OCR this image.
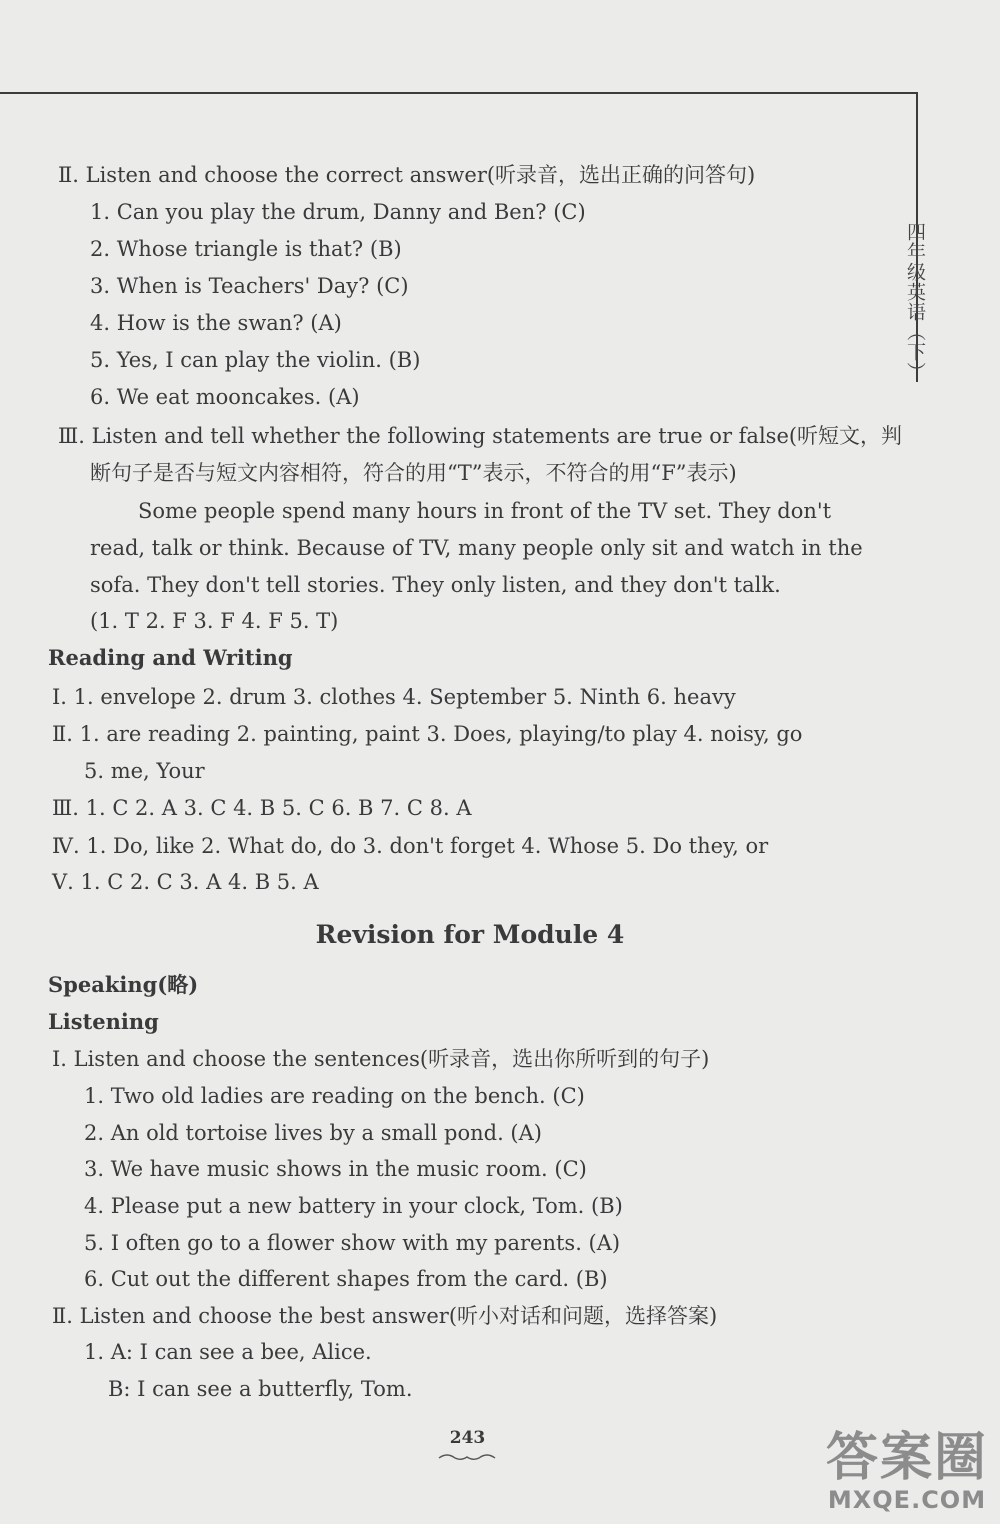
四年级英语（下）
Ⅱ. Listen and choose the correct answer(听录音，选出正确的问答句)
1. Can you play the drum, Danny and Ben? (C)
2. Whose triangle is that? (B)
3. When is Teachers' Day? (C)
4. How is the swan? (A)
5. Yes, I can play the violin. (B)
6. We eat mooncakes. (A)
Ⅲ. Listen and tell whether the following statements are true or false(听短文，判
断句子是否与短文内容相符，符合的用“T”表示，不符合的用“F”表示)
Some people spend many hours in front of the TV set. They don't
read, talk or think. Because of TV, many people only sit and watch in the
sofa. They don't tell stories. They only listen, and they don't talk.
(1. T 2. F 3. F 4. F 5. T)
Reading and Writing
Ⅰ. 1. envelope 2. drum 3. clothes 4. September 5. Ninth 6. heavy
Ⅱ. 1. are reading 2. painting, paint 3. Does, playing/to play 4. noisy, go
5. me, Your
Ⅲ. 1. C 2. A 3. C 4. B 5. C 6. B 7. C 8. A
Ⅳ. 1. Do, like 2. What do, do 3. don't forget 4. Whose 5. Do they, or
Ⅴ. 1. C 2. C 3. A 4. B 5. A
Revision for Module 4
Speaking(略)
Listening
Ⅰ. Listen and choose the sentences(听录音，选出你所听到的句子)
1. Two old ladies are reading on the bench. (C)
2. An old tortoise lives by a small pond. (A)
3. We have music shows in the music room. (C)
4. Please put a new battery in your clock, Tom. (B)
5. I often go to a flower show with my parents. (A)
6. Cut out the different shapes from the card. (B)
Ⅱ. Listen and choose the best answer(听小对话和问题，选择答案)
1. A: I can see a bee, Alice.
B: I can see a butterfly, Tom.
243	答案圈
MXQE.COM
